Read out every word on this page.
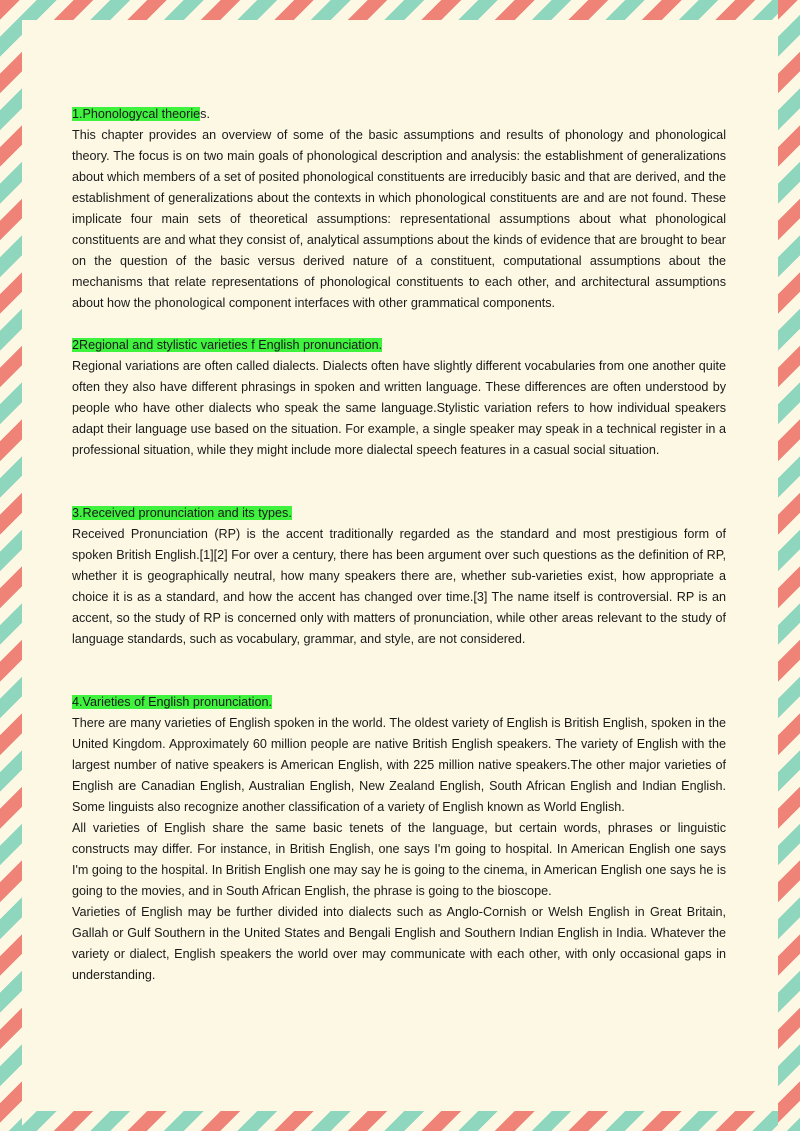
1.Phonologycal theories.

This chapter provides an overview of some of the basic assumptions and results of phonology and phonological theory. The focus is on two main goals of phonological description and analysis: the establishment of generalizations about which members of a set of posited phonological constituents are irreducibly basic and that are derived, and the establishment of generalizations about the contexts in which phonological constituents are and are not found. These implicate four main sets of theoretical assumptions: representational assumptions about what phonological constituents are and what they consist of, analytical assumptions about the kinds of evidence that are brought to bear on the question of the basic versus derived nature of a constituent, computational assumptions about the mechanisms that relate representations of phonological constituents to each other, and architectural assumptions about how the phonological component interfaces with other grammatical components.

2Regional and stylistic varieties f English pronunciation.

Regional variations are often called dialects. Dialects often have slightly different vocabularies from one another quite often they also have different phrasings in spoken and written language. These differences are often understood by people who have other dialects who speak the same language.Stylistic variation refers to how individual speakers adapt their language use based on the situation. For example, a single speaker may speak in a technical register in a professional situation, while they might include more dialectal speech features in a casual social situation.

3.Received pronunciation and its types.

Received Pronunciation (RP) is the accent traditionally regarded as the standard and most prestigious form of spoken British English.[1][2] For over a century, there has been argument over such questions as the definition of RP, whether it is geographically neutral, how many speakers there are, whether sub-varieties exist, how appropriate a choice it is as a standard, and how the accent has changed over time.[3] The name itself is controversial. RP is an accent, so the study of RP is concerned only with matters of pronunciation, while other areas relevant to the study of language standards, such as vocabulary, grammar, and style, are not considered.

4.Varieties of English pronunciation.

There are many varieties of English spoken in the world. The oldest variety of English is British English, spoken in the United Kingdom. Approximately 60 million people are native British English speakers. The variety of English with the largest number of native speakers is American English, with 225 million native speakers.The other major varieties of English are Canadian English, Australian English, New Zealand English, South African English and Indian English. Some linguists also recognize another classification of a variety of English known as World English.

All varieties of English share the same basic tenets of the language, but certain words, phrases or linguistic constructs may differ. For instance, in British English, one says I'm going to hospital. In American English one says I'm going to the hospital. In British English one may say he is going to the cinema, in American English one says he is going to the movies, and in South African English, the phrase is going to the bioscope.

Varieties of English may be further divided into dialects such as Anglo-Cornish or Welsh English in Great Britain, Gallah or Gulf Southern in the United States and Bengali English and Southern Indian English in India. Whatever the variety or dialect, English speakers the world over may communicate with each other, with only occasional gaps in understanding.
